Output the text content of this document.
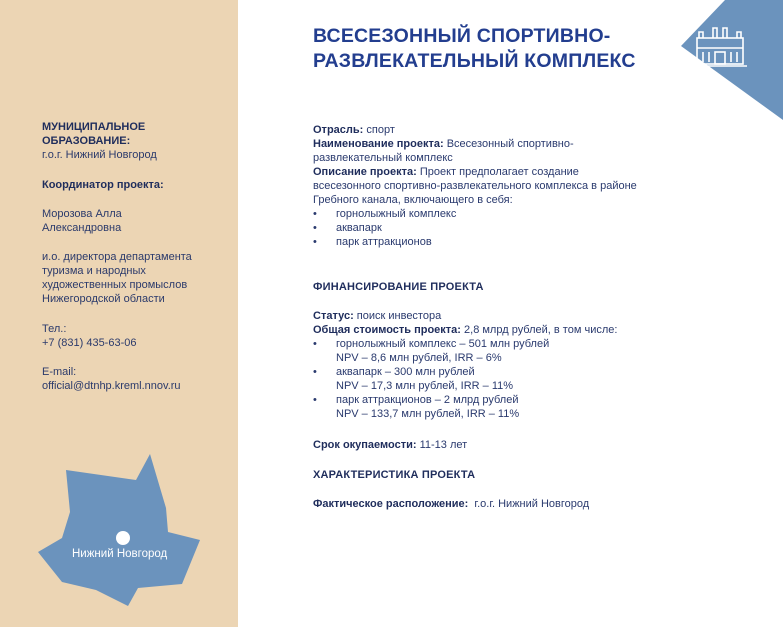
МУНИЦИПАЛЬНОЕ
ОБРАЗОВАНИЕ:
г.о.г. Нижний Новгород
Координатор проекта:
Морозова Алла
Александровна
и.о. директора департамента
туризма и народных
художественных промыслов
Нижегородской области
Тел.:
+7 (831) 435-63-06
E-mail:
official@dtnhp.kreml.nnov.ru
Нижний Новгород
ВСЕСЕЗОННЫЙ СПОРТИВНО-
РАЗВЛЕКАТЕЛЬНЫЙ КОМПЛЕКС
Отрасль: спорт
Наименование проекта: Всесезонный спортивно-
развлекательный комплекс
Описание проекта: Проект предполагает создание
всесезонного спортивно-развлекательного комплекса в районе
Гребного канала, включающего в себя:
• горнолыжный комплекс
• аквапарк
• парк аттракционов
ФИНАНСИРОВАНИЕ ПРОЕКТА
Статус: поиск инвестора
Общая стоимость проекта: 2,8 млрд рублей, в том числе:
• горнолыжный комплекс – 501 млн рублей
NPV – 8,6 млн рублей, IRR – 6%
• аквапарк – 300 млн рублей
NPV – 17,3 млн рублей, IRR – 11%
• парк аттракционов – 2 млрд рублей
NPV – 133,7 млн рублей, IRR – 11%
Срок окупаемости: 11-13 лет
ХАРАКТЕРИСТИКА ПРОЕКТА
Фактическое расположение:  г.о.г. Нижний Новгород
